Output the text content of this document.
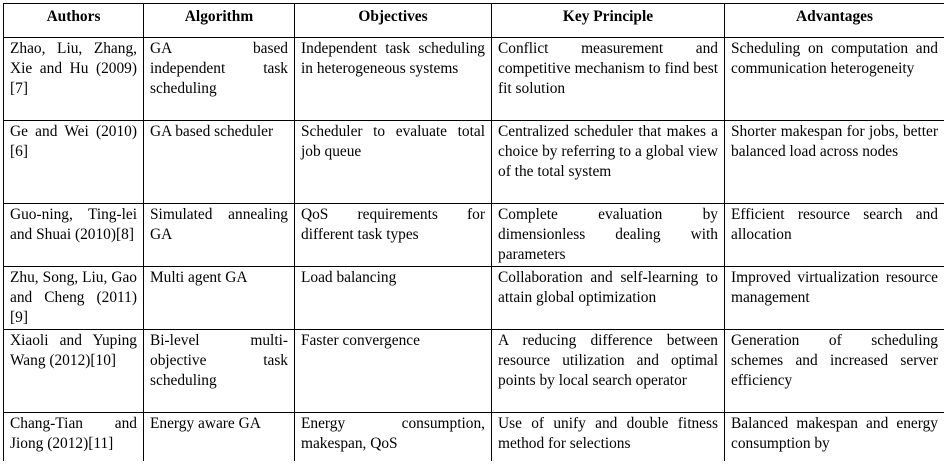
Authors	Algorithm	Objectives	Key Principle	Advantages
Zhao, Liu, Zhang, Xie and Hu (2009)[7]	GA based independent task scheduling	Independent task scheduling in heterogeneous systems	Conflict measurement and competitive mechanism to find best fit solution	Scheduling on computation and communication heterogeneity
Ge and Wei (2010) [6]	GA based scheduler	Scheduler to evaluate total job queue	Centralized scheduler that makes a choice by referring to a global view of the total system	Shorter makespan for jobs, better balanced load across nodes
Guo-ning, Ting-lei and Shuai (2010)[8]	Simulated annealing GA	QoS requirements for different task types	Complete evaluation by dimensionless dealing with parameters	Efficient resource search and allocation
Zhu, Song, Liu, Gao and Cheng (2011)[9]	Multi agent GA	Load balancing	Collaboration and self-learning to attain global optimization	Improved virtualization resource management
Xiaoli and Yuping Wang (2012)[10]	Bi-level multi-objective task scheduling	Faster convergence	A reducing difference between resource utilization and optimal points by local search operator	Generation of scheduling schemes and increased server efficiency
Chang-Tian and Jiong (2012)[11]	Energy aware GA	Energy consumption, makespan, QoS	Use of unify and double fitness method for selections	Balanced makespan and energy consumption by
